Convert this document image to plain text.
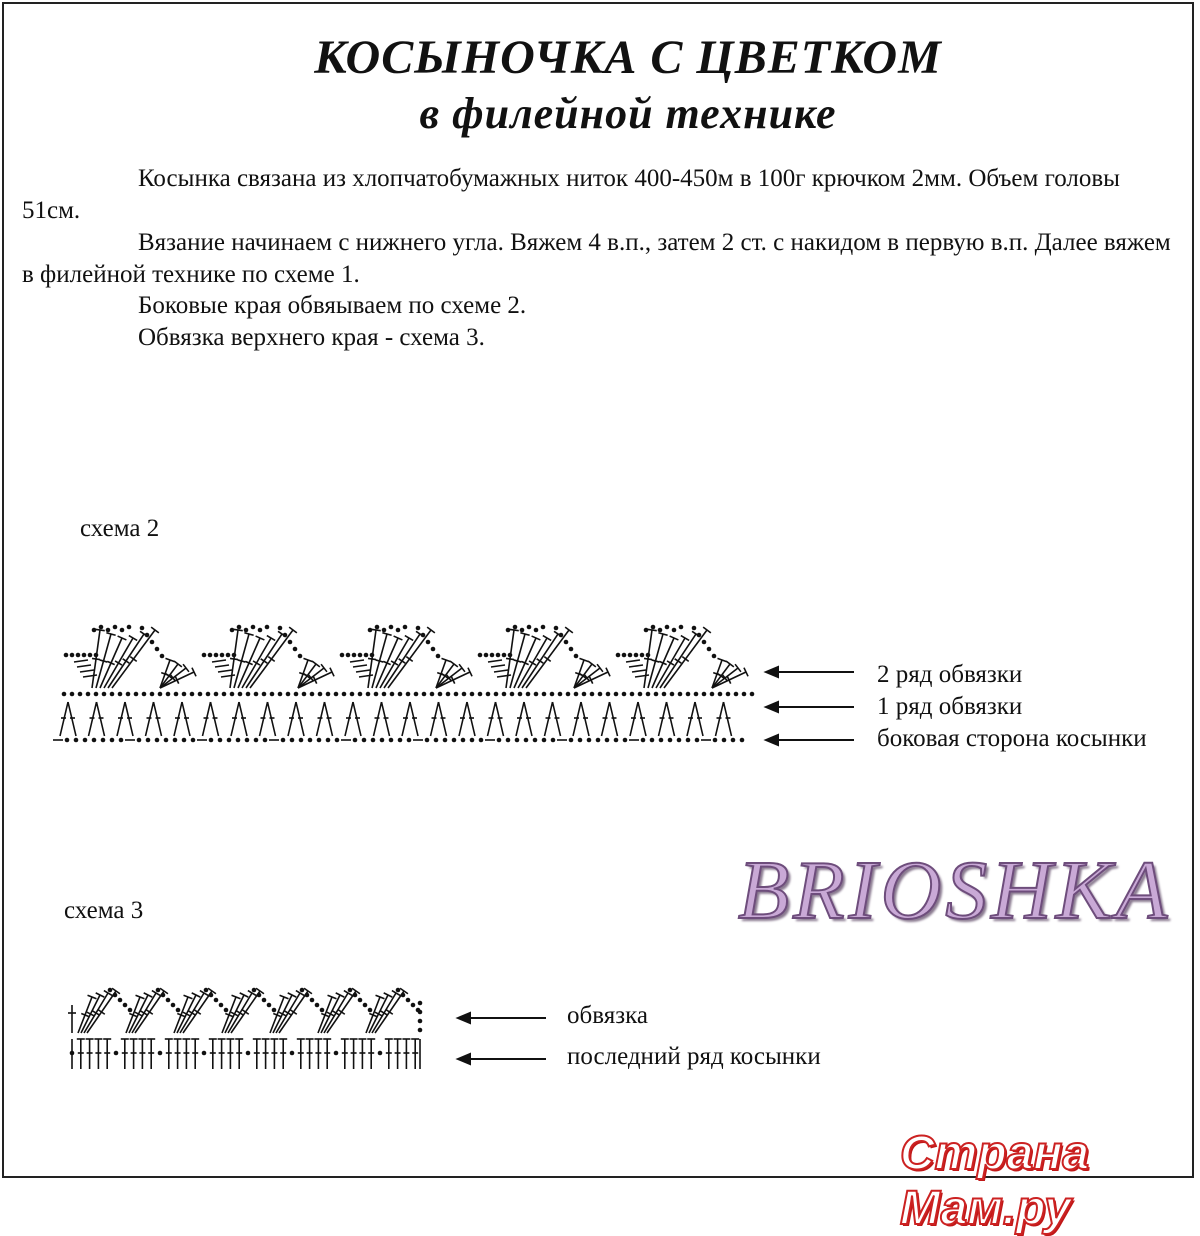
КОСЫНОЧКА С ЦВЕТКОМ
в филейной технике
Косынка связана из хлопчатобумажных ниток 400-450м в 100г крючком 2мм. Объем головы 51см.
Вязание начинаем с нижнего угла. Вяжем 4 в.п., затем 2 ст. с накидом в первую в.п. Далее вяжем в филейной технике по схеме 1.
Боковые края обвяываем по схеме 2.
Обвязка верхнего края - схема 3.
схема 2
2 ряд обвязки
1 ряд обвязки
боковая сторона косынки
BRIOSHKA
схема 3
обвязка
последний ряд косынки
Страна Мам.ру
